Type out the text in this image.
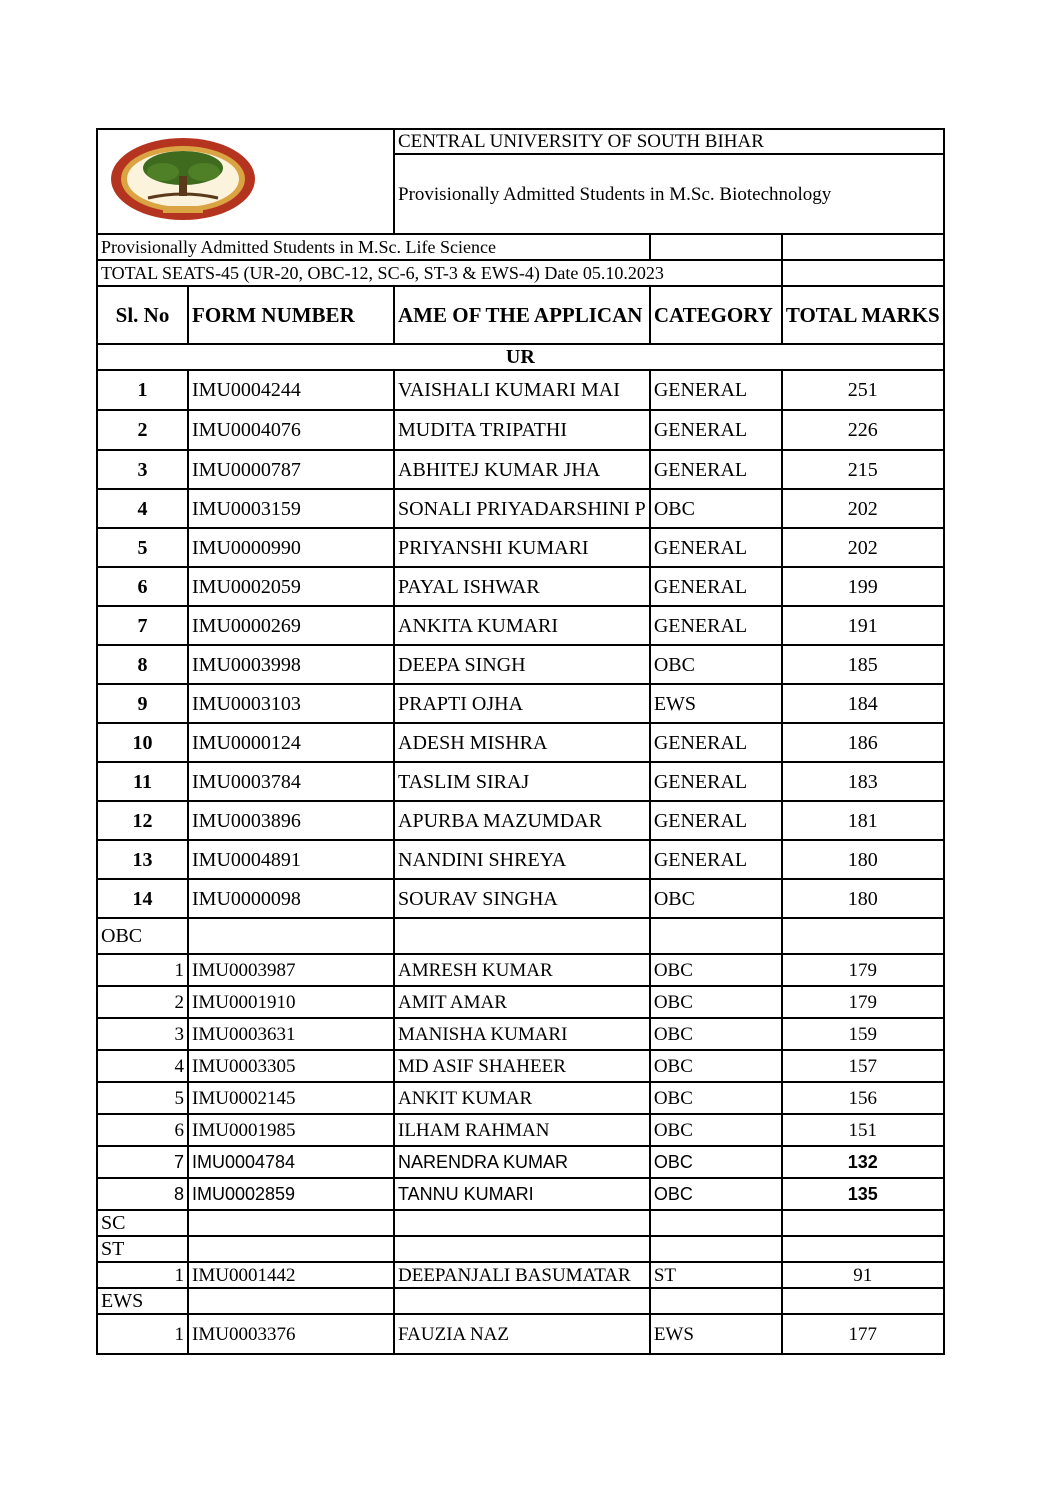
	CENTRAL UNIVERSITY OF SOUTH BIHAR		
		Provisionally Admitted Students in M.Sc. Biotechnology		
Provisionally Admitted Students in M.Sc. Life Science				
TOTAL SEATS-45 (UR-20, OBC-12, SC-6, ST-3 & EWS-4) Date 05.10.2023				
Sl. No	FORM NUMBER	AME OF THE APPLICAN	CATEGORY	TOTAL MARKS
UR				
1	IMU0004244	VAISHALI KUMARI MAI	GENERAL	251
2	IMU0004076	MUDITA TRIPATHI	GENERAL	226
3	IMU0000787	ABHITEJ KUMAR JHA	GENERAL	215
4	IMU0003159	SONALI PRIYADARSHINI P	OBC	202
5	IMU0000990	PRIYANSHI KUMARI	GENERAL	202
6	IMU0002059	PAYAL ISHWAR	GENERAL	199
7	IMU0000269	ANKITA KUMARI	GENERAL	191
8	IMU0003998	DEEPA SINGH	OBC	185
9	IMU0003103	PRAPTI OJHA	EWS	184
10	IMU0000124	ADESH MISHRA	GENERAL	186
11	IMU0003784	TASLIM SIRAJ	GENERAL	183
12	IMU0003896	APURBA MAZUMDAR	GENERAL	181
13	IMU0004891	NANDINI SHREYA	GENERAL	180
14	IMU0000098	SOURAV SINGHA	OBC	180
OBC				
1	IMU0003987	AMRESH KUMAR	OBC	179
2	IMU0001910	AMIT AMAR	OBC	179
3	IMU0003631	MANISHA KUMARI	OBC	159
4	IMU0003305	MD ASIF SHAHEER	OBC	157
5	IMU0002145	ANKIT KUMAR	OBC	156
6	IMU0001985	ILHAM RAHMAN	OBC	151
7	IMU0004784	NARENDRA KUMAR	OBC	132
8	IMU0002859	TANNU KUMARI	OBC	135
SC				
ST				
1	IMU0001442	DEEPANJALI BASUMATAR	ST	91
EWS				
1	IMU0003376	FAUZIA NAZ	EWS	177
